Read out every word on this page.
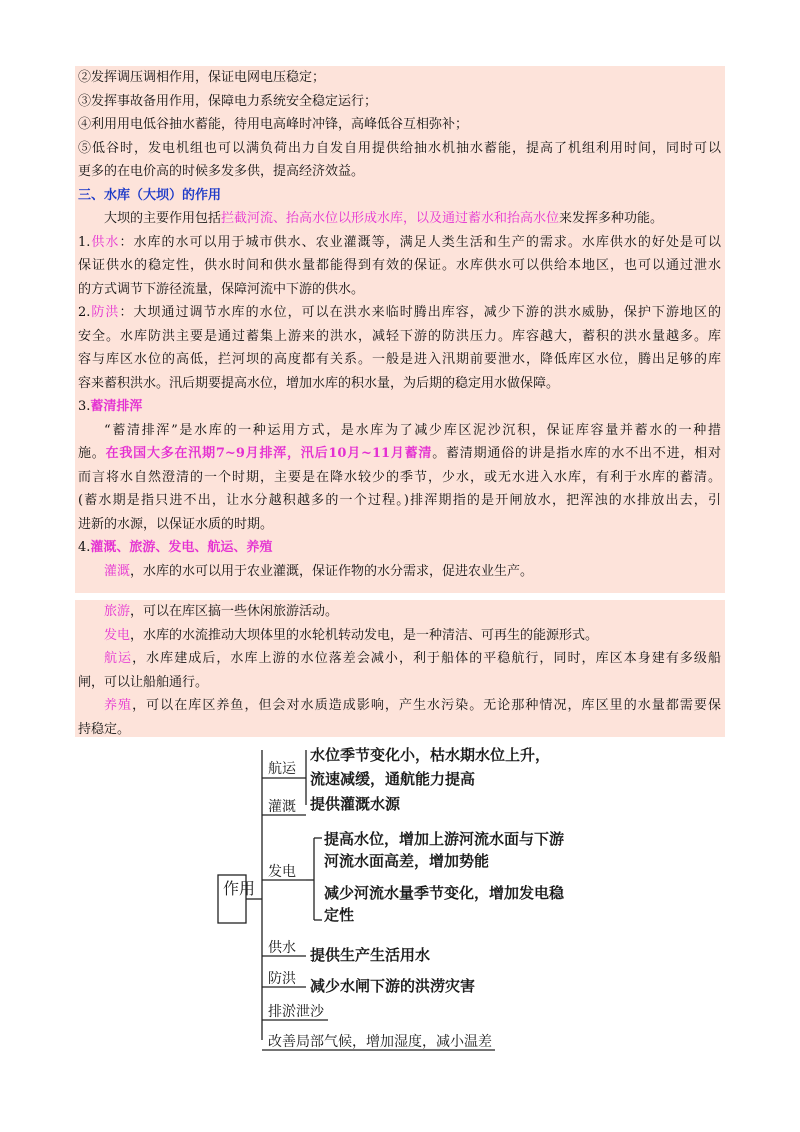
②发挥调压调相作用，保证电网电压稳定；
③发挥事故备用作用，保障电力系统安全稳定运行；
④利用用电低谷抽水蓄能，待用电高峰时冲锋，高峰低谷互相弥补；
⑤低谷时，发电机组也可以满负荷出力自发自用提供给抽水机抽水蓄能，提高了机组利用时间，同时可以
更多的在电价高的时候多发多供，提高经济效益。
三、水库（大坝）的作用
大坝的主要作用包括拦截河流、抬高水位以形成水库，以及通过蓄水和抬高水位来发挥多种功能。
1.供水：水库的水可以用于城市供水、农业灌溉等，满足人类生活和生产的需求。水库供水的好处是可以
保证供水的稳定性，供水时间和供水量都能得到有效的保证。水库供水可以供给本地区，也可以通过泄水
的方式调节下游径流量，保障河流中下游的供水。
2.防洪：大坝通过调节水库的水位，可以在洪水来临时腾出库容，减少下游的洪水威胁，保护下游地区的
安全。水库防洪主要是通过蓄集上游来的洪水，减轻下游的防洪压力。库容越大，蓄积的洪水量越多。库
容与库区水位的高低，拦河坝的高度都有关系。一般是进入汛期前要泄水，降低库区水位，腾出足够的库
容来蓄积洪水。汛后期要提高水位，增加水库的积水量，为后期的稳定用水做保障。
3.蓄清排浑
“蓄清排浑”是水库的一种运用方式，是水库为了减少库区泥沙沉积，保证库容量并蓄水的一种措
施。在我国大多在汛期7~9月排浑，汛后10月~11月蓄清。蓄清期通俗的讲是指水库的水不出不进，相对
而言将水自然澄清的一个时期，主要是在降水较少的季节，少水，或无水进入水库，有利于水库的蓄清。
(蓄水期是指只进不出，让水分越积越多的一个过程。)排浑期指的是开闸放水，把浑浊的水排放出去，引
进新的水源，以保证水质的时期。
4.灌溉、旅游、发电、航运、养殖
灌溉，水库的水可以用于农业灌溉，保证作物的水分需求，促进农业生产。
旅游，可以在库区搞一些休闲旅游活动。
发电，水库的水流推动大坝体里的水轮机转动发电，是一种清洁、可再生的能源形式。
航运，水库建成后，水库上游的水位落差会减小，利于船体的平稳航行，同时，库区本身建有多级船
闸，可以让船舶通行。
养殖，可以在库区养鱼，但会对水质造成影响，产生水污染。无论那种情况，库区里的水量都需要保
持稳定。
作用
航运
水位季节变化小，枯水期水位上升，
流速减缓，通航能力提高
灌溉 提供灌溉水源
发电
提高水位，增加上游河流水面与下游
河流水面高差，增加势能
减少河流水量季节变化，增加发电稳
定性
供水 提供生产生活用水
防洪 减少水闸下游的洪涝灾害
排淤泄沙
改善局部气候，增加湿度，减小温差
